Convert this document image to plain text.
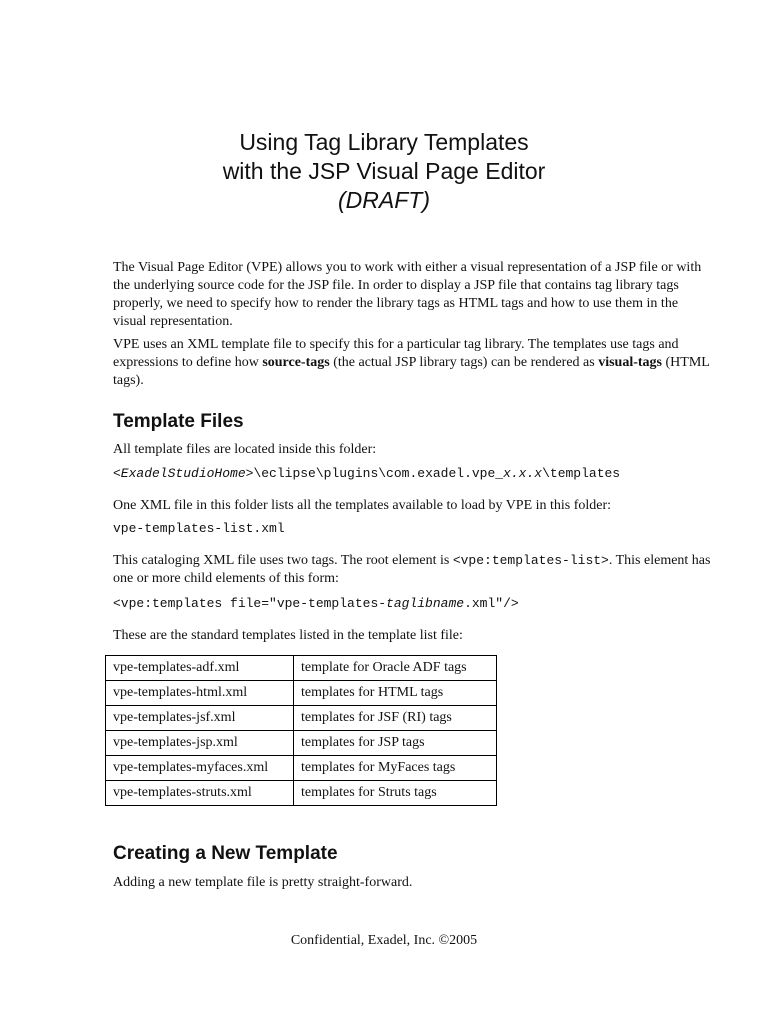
Using Tag Library Templates
with the JSP Visual Page Editor
(DRAFT)

The Visual Page Editor (VPE) allows you to work with either a visual representation of a JSP file or with the underlying source code for the JSP file. In order to display a JSP file that contains tag library tags properly, we need to specify how to render the library tags as HTML tags and how to use them in the visual representation.

VPE uses an XML template file to specify this for a particular tag library. The templates use tags and expressions to define how source-tags (the actual JSP library tags) can be rendered as visual-tags (HTML tags).

Template Files

All template files are located inside this folder:

<ExadelStudioHome>\eclipse\plugins\com.exadel.vpe_x.x.x\templates

One XML file in this folder lists all the templates available to load by VPE in this folder:

vpe-templates-list.xml

This cataloging XML file uses two tags. The root element is <vpe:templates-list>. This element has one or more child elements of this form:

<vpe:templates file="vpe-templates-taglibname.xml"/>

These are the standard templates listed in the template list file:

vpe-templates-adf.xml	template for Oracle ADF tags
vpe-templates-html.xml	templates for HTML tags
vpe-templates-jsf.xml	templates for JSF (RI) tags
vpe-templates-jsp.xml	templates for JSP tags
vpe-templates-myfaces.xml	templates for MyFaces tags
vpe-templates-struts.xml	templates for Struts tags
Creating a New Template

Adding a new template file is pretty straight-forward.

Confidential, Exadel, Inc. ©2005
